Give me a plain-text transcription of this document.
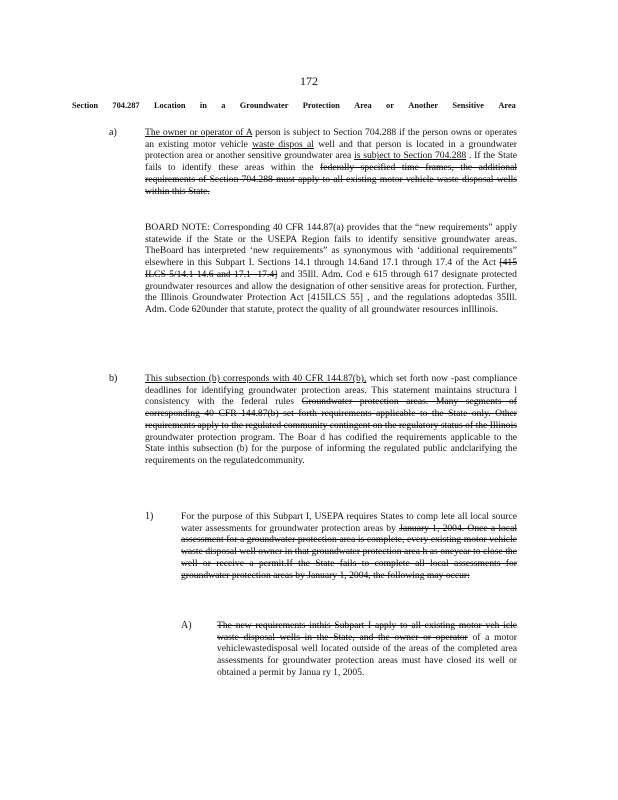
172
Section 704.287 Location in a Groundwater Protection Area or Another Sensitive Area
a)	The owner or operator of A person is subject to Section 704.288 if the person owns or operates an existing motor vehicle waste dispos al well and that person is located in a groundwater protection area or another sensitive groundwater area is subject to Section 704.288 . If the State fails to identify these areas within the federally specified time frames, the additional requirements of Section 704.288 must apply to all existing motor vehicle waste disposal wells within this State.
BOARD NOTE: Corresponding 40 CFR 144.87(a) provides that the “new requirements” apply statewide if the State or the USEPA Region fails to identify sensitive groundwater areas. TheBoard has interpreted ‘new requirements” as synonymous with ‘additional requirements” elsewhere in this Subpart I. Sections 14.1 through 14.6and 17.1 through 17.4 of the Act [415 ILCS 5/14.1 14.6 and 17.1 -17.4] and 35Ill. Adm. Cod e 615 through 617 designate protected groundwater resources and allow the designation of other sensitive areas for protection. Further, the Illinois Groundwater Protection Act [415ILCS 55] , and the regulations adoptedas 35Ill. Adm. Code 620under that statute, protect the quality of all groundwater resources inIllinois.
b)	This subsection (b) corresponds with 40 CFR 144.87(b), which set forth now -past compliance deadlines for identifying groundwater protection areas. This statement maintains structura l consistency with the federal rules Groundwater protection areas. Many segments of corresponding 40 CFR 144.87(b) set forth requirements applicable to the State only. Other requirements apply to the regulated community contingent on the regulatory status of the Illinois groundwater protection program. The Boar d has codified the requirements applicable to the State inthis subsection (b) for the purpose of informing the regulated public andclarifying the requirements on the regulatedcommunity.
1)	For the purpose of this Subpart I, USEPA requires States to comp lete all local source water assessments for groundwater protection areas by January 1, 2004. Once a local assessment for a groundwater protection area is complete, every existing motor vehicle waste disposal well owner in that groundwater protection area h as oneyear to close the well or receive a permit.If the State fails to complete all local assessments for groundwater protection areas by January 1, 2004, the following may occur:
A)	The new requirements inthis Subpart I apply to all existing motor veh icle waste disposal wells in the State, and the owner or operator of a motor vehiclewastedisposal well located outside of the areas of the completed area assessments for groundwater protection areas must have closed its well or obtained a permit by Janua ry 1, 2005.
